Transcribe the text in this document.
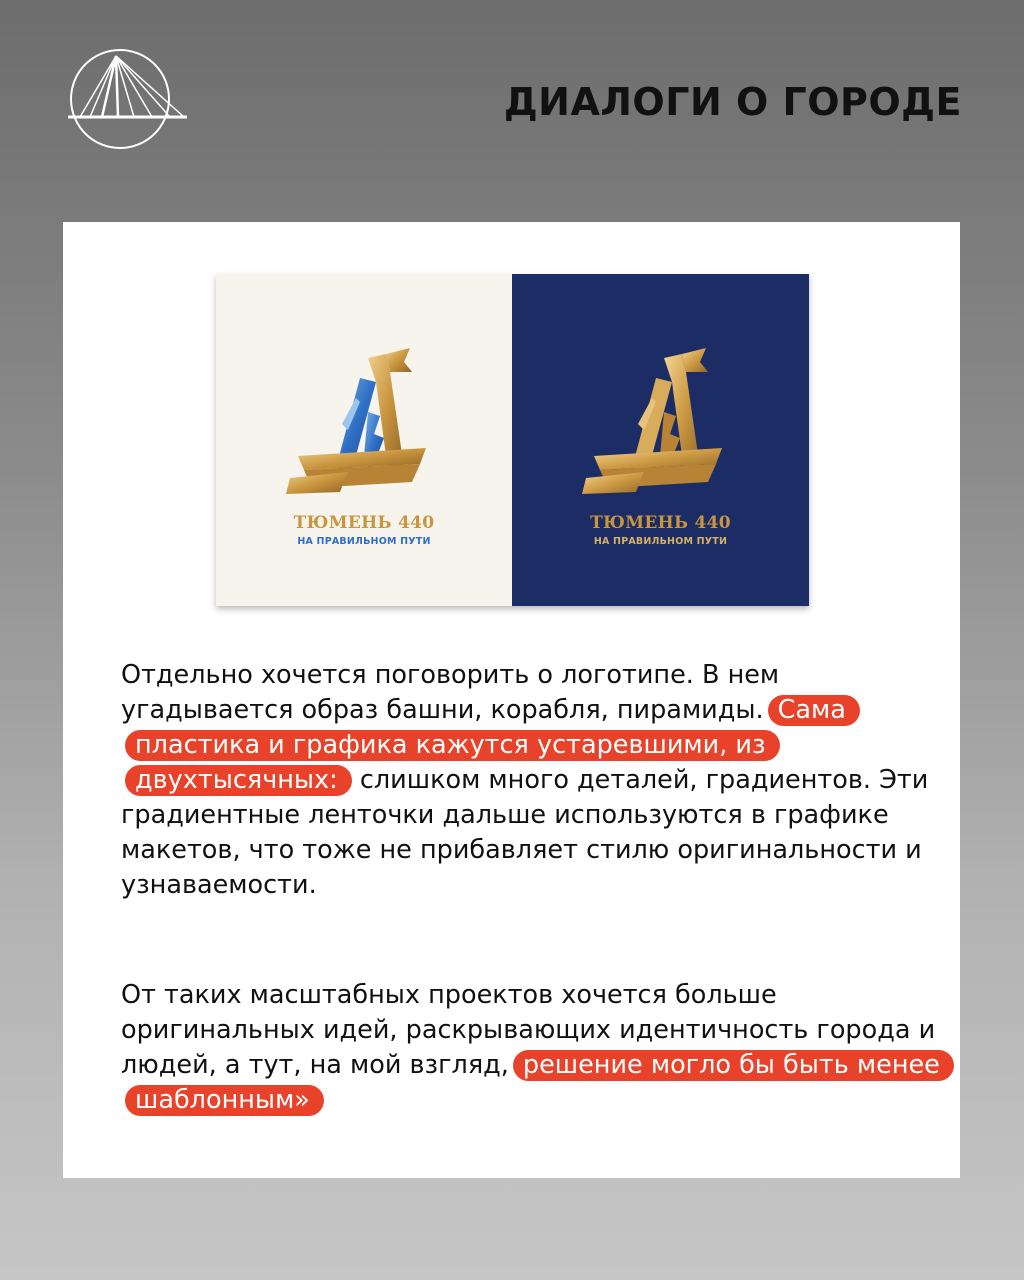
ДИАЛОГИ О ГОРОДЕ
ТЮМЕНЬ 440
НА ПРАВИЛЬНОМ ПУТИ
ТЮМЕНЬ 440
НА ПРАВИЛЬНОМ ПУТИ

Отдельно хочется поговорить о логотипе. В нем угадывается образ башни, корабля, пирамиды. Сама пластика и графика кажутся устаревшими, из двухтысячных: слишком много деталей, градиентов. Эти градиентные ленточки дальше используются в графике макетов, что тоже не прибавляет стилю оригинальности и узнаваемости.

От таких масштабных проектов хочется больше оригинальных идей, раскрывающих идентичность города и людей, а тут, на мой взгляд, решение могло бы быть менее шаблонным»
